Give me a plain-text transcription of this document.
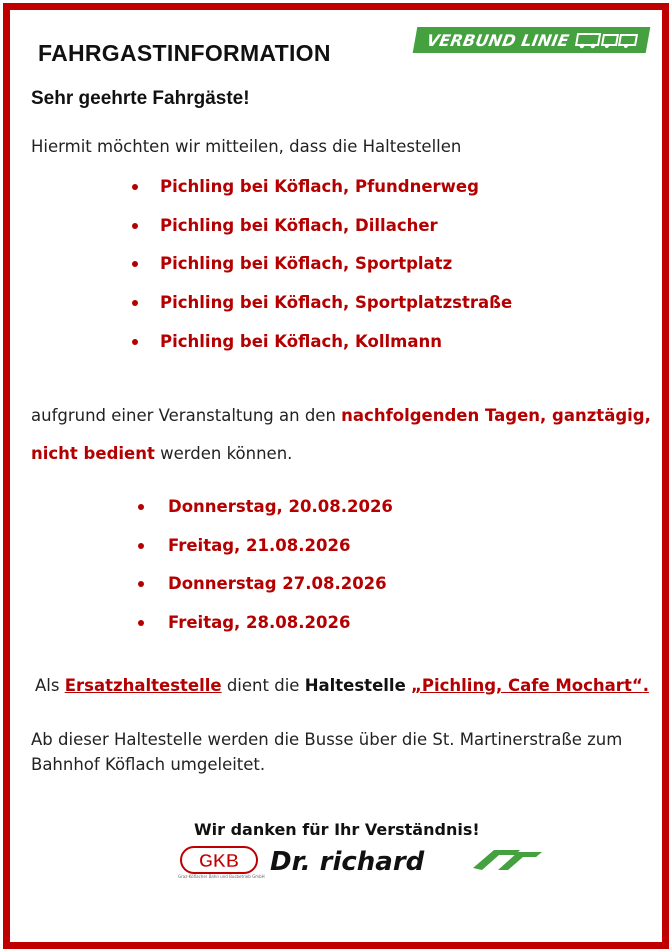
FAHRGASTINFORMATION	VERBUND LINIE
Sehr geehrte Fahrgäste!
Hiermit möchten wir mitteilen, dass die Haltestellen
Pichling bei Köflach, Pfundnerweg
Pichling bei Köflach, Dillacher
Pichling bei Köflach, Sportplatz
Pichling bei Köflach, Sportplatzstraße
Pichling bei Köflach, Kollmann
aufgrund einer Veranstaltung an den nachfolgenden Tagen, ganztägig,
nicht bedient werden können.
Donnerstag, 20.08.2026
Freitag, 21.08.2026
Donnerstag 27.08.2026
Freitag, 28.08.2026
Als Ersatzhaltestelle dient die Haltestelle „Pichling, Cafe Mochart“.
Ab dieser Haltestelle werden die Busse über die St. Martinerstraße zum Bahnhof Köflach umgeleitet.
Wir danken für Ihr Verständnis!
GKB
Graz-Köflacher Bahn und Busbetrieb GmbH Dr. richard
